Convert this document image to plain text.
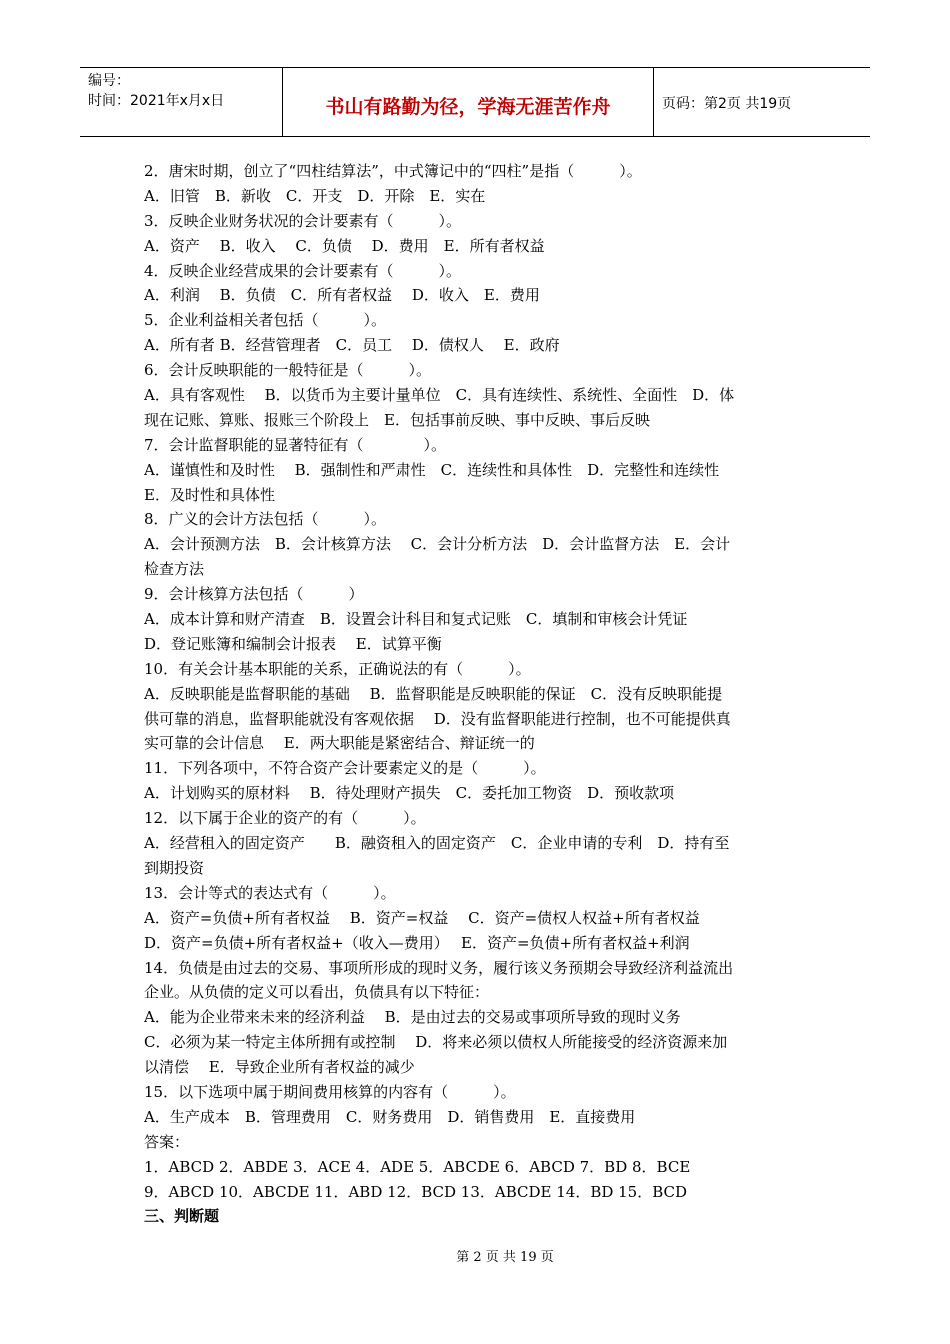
编号：
时间：2021年x月x日	书山有路勤为径，学海无涯苦作舟	页码：第2页 共19页
2．唐宋时期，创立了“四柱结算法”，中式簿记中的“四柱”是指（　　　）。
A．旧管　B．新收　C．开支　D．开除　E．实在
3．反映企业财务状况的会计要素有（　　　）。
A．资产　 B．收入　 C．负债　 D．费用　E．所有者权益
4．反映企业经营成果的会计要素有（　　　）。
A．利润　 B．负债　C．所有者权益　 D．收入　E．费用
5．企业利益相关者包括（　　　）。
A．所有者 B．经营管理者　C．员工　 D．债权人　 E．政府
6．会计反映职能的一般特征是（　　　）。
A．具有客观性　 B．以货币为主要计量单位　C．具有连续性、系统性、全面性　D．体
现在记账、算账、报账三个阶段上　E．包括事前反映、事中反映、事后反映
7．会计监督职能的显著特征有（　　　　）。
A．谨慎性和及时性　 B．强制性和严肃性　C．连续性和具体性　D．完整性和连续性
E．及时性和具体性
8．广义的会计方法包括（　　　）。
A．会计预测方法　B．会计核算方法　 C．会计分析方法　D．会计监督方法　E．会计
检查方法
9．会计核算方法包括（　　　）
A．成本计算和财产清查　B．设置会计科目和复式记账　C．填制和审核会计凭证
D．登记账簿和编制会计报表　 E．试算平衡
10．有关会计基本职能的关系，正确说法的有（　　　）。
A．反映职能是监督职能的基础　 B．监督职能是反映职能的保证　C．没有反映职能提
供可靠的消息，监督职能就没有客观依据　 D．没有监督职能进行控制，也不可能提供真
实可靠的会计信息　 E．两大职能是紧密结合、辩证统一的
11．下列各项中，不符合资产会计要素定义的是（　　　）。
A．计划购买的原材料　 B．待处理财产损失　C．委托加工物资　D．预收款项
12．以下属于企业的资产的有（　　　）。
A．经营租入的固定资产　　B．融资租入的固定资产　C．企业申请的专利　D．持有至
到期投资
13．会计等式的表达式有（　　　）。
A．资产=负债+所有者权益　 B．资产=权益　 C．资产=债权人权益+所有者权益
D．资产=负债+所有者权益+（收入—费用）　 E．资产=负债+所有者权益+利润
14．负债是由过去的交易、事项所形成的现时义务，履行该义务预期会导致经济利益流出
企业。从负债的定义可以看出，负债具有以下特征：
A．能为企业带来未来的经济利益　 B．是由过去的交易或事项所导致的现时义务
C．必须为某一特定主体所拥有或控制　 D．将来必须以债权人所能接受的经济资源来加
以清偿　 E．导致企业所有者权益的减少
15．以下选项中属于期间费用核算的内容有（　　　）。
A．生产成本　B．管理费用　C．财务费用　D．销售费用　E．直接费用
答案：
1．ABCD 2．ABDE 3．ACE 4．ADE 5．ABCDE 6．ABCD 7．BD 8．BCE
9．ABCD 10．ABCDE 11．ABD 12．BCD 13．ABCDE 14．BD 15．BCD
三、判断题
第 2 页 共 19 页
